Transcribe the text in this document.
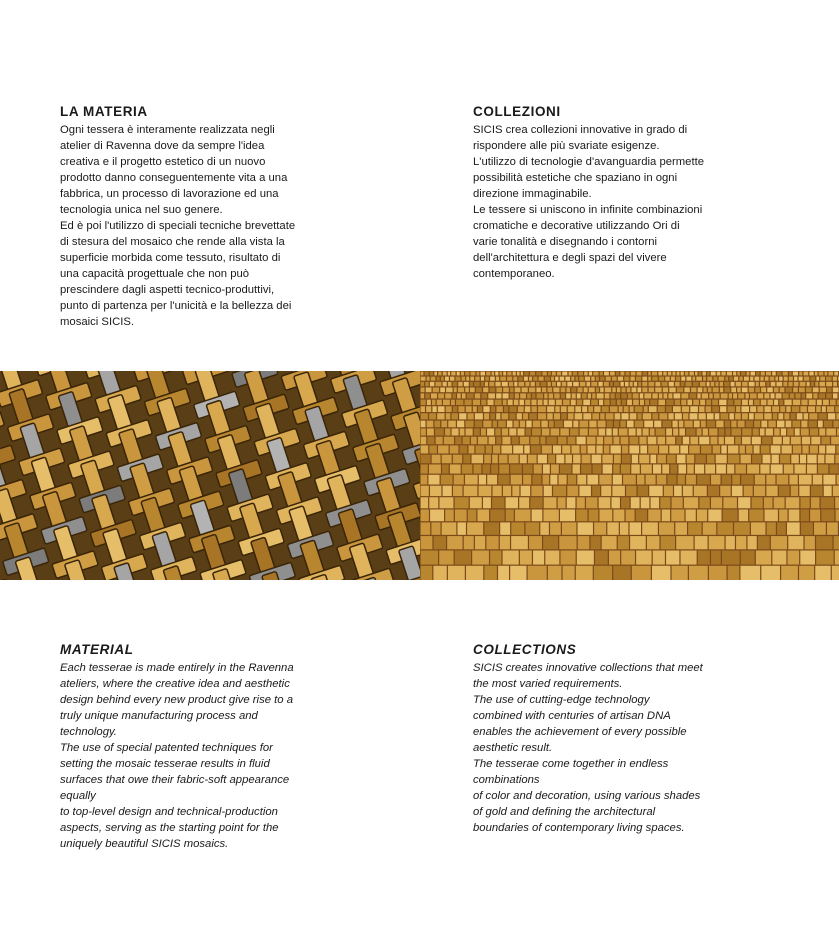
LA MATERIA

Ogni tessera è interamente realizzata negli
atelier di Ravenna dove da sempre l'idea
creativa e il progetto estetico di un nuovo
prodotto danno conseguentemente vita a una
fabbrica, un processo di lavorazione ed una
tecnologia unica nel suo genere.
Ed è poi l'utilizzo di speciali tecniche brevettate
di stesura del mosaico che rende alla vista la
superficie morbida come tessuto, risultato di
una capacità progettuale che non può
prescindere dagli aspetti tecnico-produttivi,
punto di partenza per l'unicità e la bellezza dei
mosaici SICIS.

COLLEZIONI

SICIS crea collezioni innovative in grado di
rispondere alle più svariate esigenze.
L'utilizzo di tecnologie d'avanguardia permette
possibilità estetiche che spaziano in ogni
direzione immaginabile.
Le tessere si uniscono in infinite combinazioni
cromatiche e decorative utilizzando Ori di
varie tonalità e disegnando i contorni
dell'architettura e degli spazi del vivere
contemporaneo.

MATERIAL

Each tesserae is made entirely in the Ravenna
ateliers, where the creative idea and aesthetic
design behind every new product give rise to a
truly unique manufacturing process and
technology.
The use of special patented techniques for
setting the mosaic tesserae results in fluid
surfaces that owe their fabric-soft appearance
equally
to top-level design and technical-production
aspects, serving as the starting point for the
uniquely beautiful SICIS mosaics.

COLLECTIONS

SICIS creates innovative collections that meet
the most varied requirements.
The use of cutting-edge technology
combined with centuries of artisan DNA
enables the achievement of every possible
aesthetic result.
The tesserae come together in endless
combinations
of color and decoration, using various shades
of gold and defining the architectural
boundaries of contemporary living spaces.
